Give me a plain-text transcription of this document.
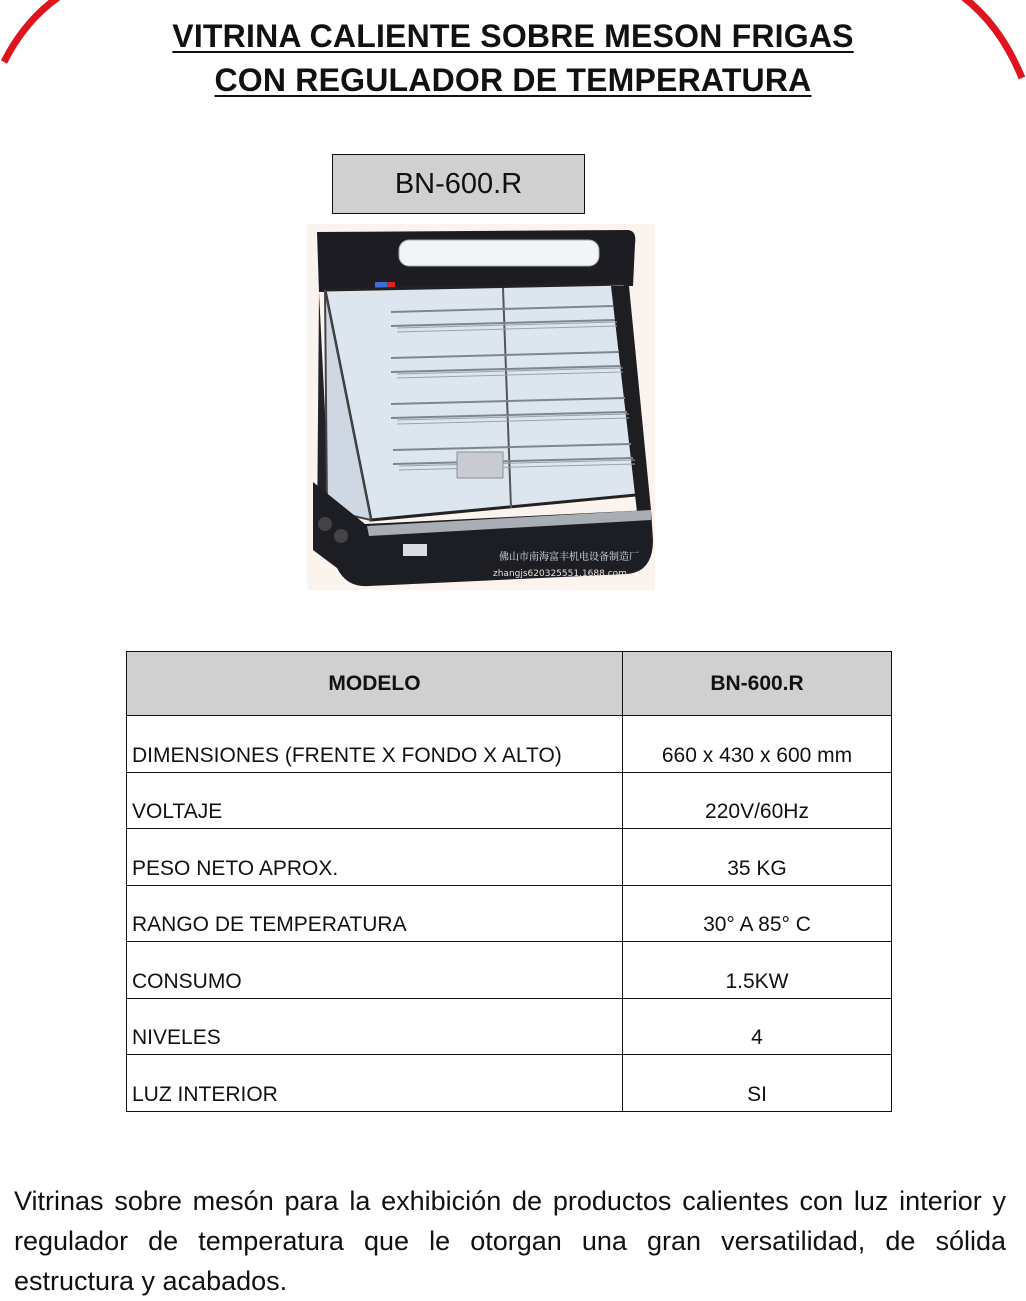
VITRINA CALIENTE SOBRE MESON FRIGAS
CON REGULADOR DE TEMPERATURA
BN-600.R
佛山市南海富丰机电设备制造厂
zhangjs620325551.1688.com
MODELO	BN-600.R
DIMENSIONES (FRENTE X FONDO X ALTO)	660 x 430 x 600 mm
VOLTAJE	220V/60Hz
PESO NETO APROX.	35 KG
RANGO DE TEMPERATURA	30° A 85° C
CONSUMO	1.5KW
NIVELES	4
LUZ INTERIOR	SI

Vitrinas sobre mesón para la exhibición de productos calientes con luz interior y regulador de temperatura que le otorgan una gran versatilidad, de sólida estructura y acabados.
